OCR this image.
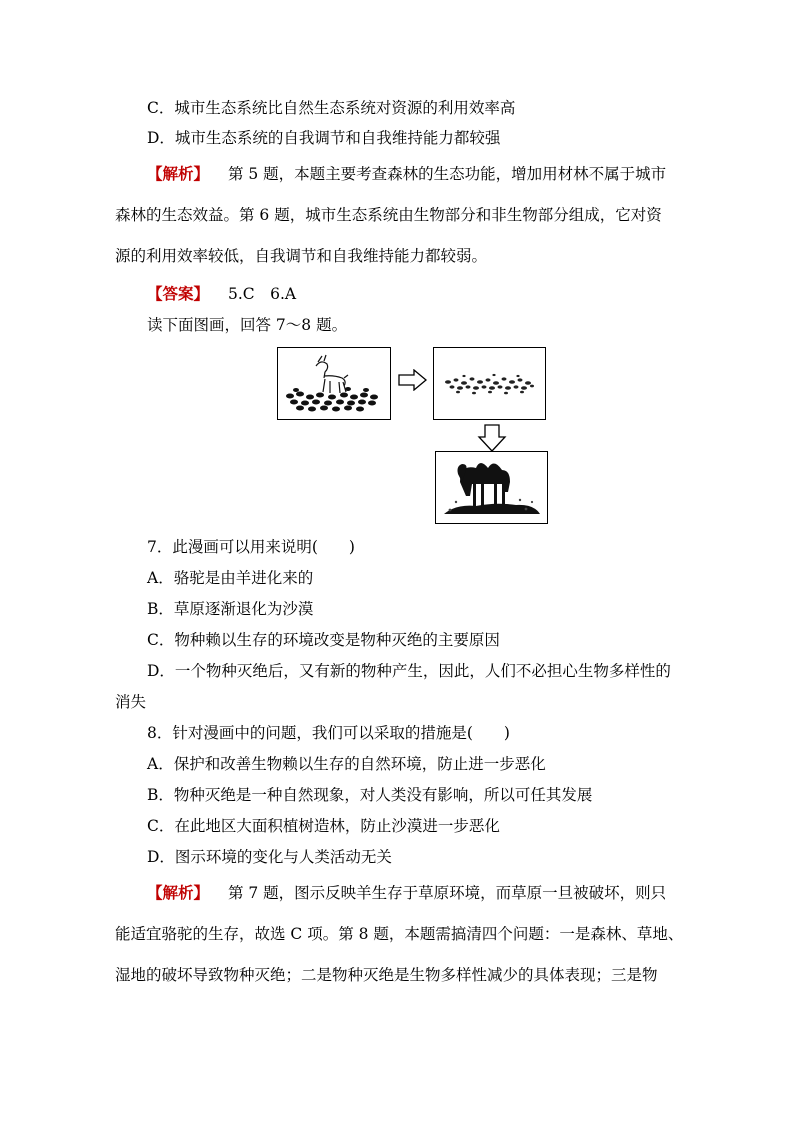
C．城市生态系统比自然生态系统对资源的利用效率高
D．城市生态系统的自我调节和自我维持能力都较强
【解析】 第 5 题，本题主要考查森林的生态功能，增加用材林不属于城市
森林的生态效益。第 6 题，城市生态系统由生物部分和非生物部分组成，它对资
源的利用效率较低，自我调节和自我维持能力都较弱。
【答案】 5.C　6.A
读下面图画，回答 7～8 题。
7．此漫画可以用来说明(　　)
A．骆驼是由羊进化来的
B．草原逐渐退化为沙漠
C．物种赖以生存的环境改变是物种灭绝的主要原因
D．一个物种灭绝后，又有新的物种产生，因此，人们不必担心生物多样性的
消失
8．针对漫画中的问题，我们可以采取的措施是(　　)
A．保护和改善生物赖以生存的自然环境，防止进一步恶化
B．物种灭绝是一种自然现象，对人类没有影响，所以可任其发展
C．在此地区大面积植树造林，防止沙漠进一步恶化
D．图示环境的变化与人类活动无关
【解析】 第 7 题，图示反映羊生存于草原环境，而草原一旦被破坏，则只
能适宜骆驼的生存，故选 C 项。第 8 题，本题需搞清四个问题：一是森林、草地、
湿地的破坏导致物种灭绝；二是物种灭绝是生物多样性减少的具体表现；三是物
